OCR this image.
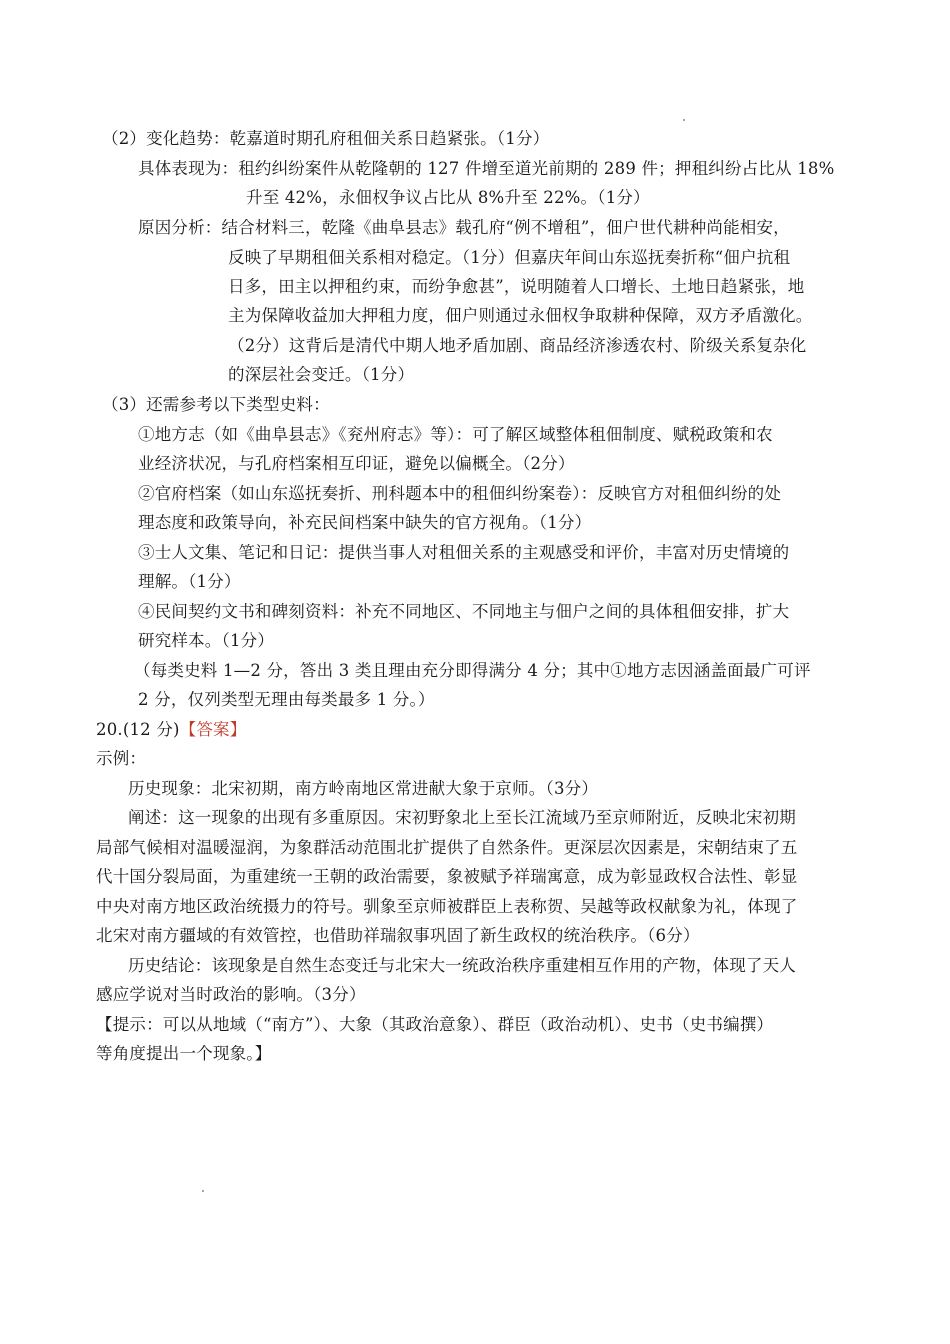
（2）变化趋势：乾嘉道时期孔府租佃关系日趋紧张。（1分）
具体表现为：租约纠纷案件从乾隆朝的 127 件增至道光前期的 289 件；押租纠纷占比从 18%
升至 42%，永佃权争议占比从 8%升至 22%。（1分）
原因分析：结合材料三，乾隆《曲阜县志》载孔府“例不增租”，佃户世代耕种尚能相安，
反映了早期租佃关系相对稳定。（1分）但嘉庆年间山东巡抚奏折称“佃户抗租
日多，田主以押租约束，而纷争愈甚”，说明随着人口增长、土地日趋紧张，地
主为保障收益加大押租力度，佃户则通过永佃权争取耕种保障，双方矛盾激化。
（2分）这背后是清代中期人地矛盾加剧、商品经济渗透农村、阶级关系复杂化
的深层社会变迁。（1分）
（3）还需参考以下类型史料：
①地方志（如《曲阜县志》《兖州府志》等）：可了解区域整体租佃制度、赋税政策和农
业经济状况，与孔府档案相互印证，避免以偏概全。（2分）
②官府档案（如山东巡抚奏折、刑科题本中的租佃纠纷案卷）：反映官方对租佃纠纷的处
理态度和政策导向，补充民间档案中缺失的官方视角。（1分）
③士人文集、笔记和日记：提供当事人对租佃关系的主观感受和评价，丰富对历史情境的
理解。（1分）
④民间契约文书和碑刻资料：补充不同地区、不同地主与佃户之间的具体租佃安排，扩大
研究样本。（1分）
（每类史料 1—2 分，答出 3 类且理由充分即得满分 4 分；其中①地方志因涵盖面最广可评
2 分，仅列类型无理由每类最多 1 分。）
20.(12 分)【答案】
示例：
历史现象：北宋初期，南方岭南地区常进献大象于京师。（3分）
阐述：这一现象的出现有多重原因。宋初野象北上至长江流域乃至京师附近，反映北宋初期
局部气候相对温暖湿润，为象群活动范围北扩提供了自然条件。更深层次因素是，宋朝结束了五
代十国分裂局面，为重建统一王朝的政治需要，象被赋予祥瑞寓意，成为彰显政权合法性、彰显
中央对南方地区政治统摄力的符号。驯象至京师被群臣上表称贺、吴越等政权献象为礼，体现了
北宋对南方疆域的有效管控，也借助祥瑞叙事巩固了新生政权的统治秩序。（6分）
历史结论：该现象是自然生态变迁与北宋大一统政治秩序重建相互作用的产物，体现了天人
感应学说对当时政治的影响。（3分）
【提示：可以从地域（“南方”）、大象（其政治意象）、群臣（政治动机）、史书（史书编撰）
等角度提出一个现象。】
